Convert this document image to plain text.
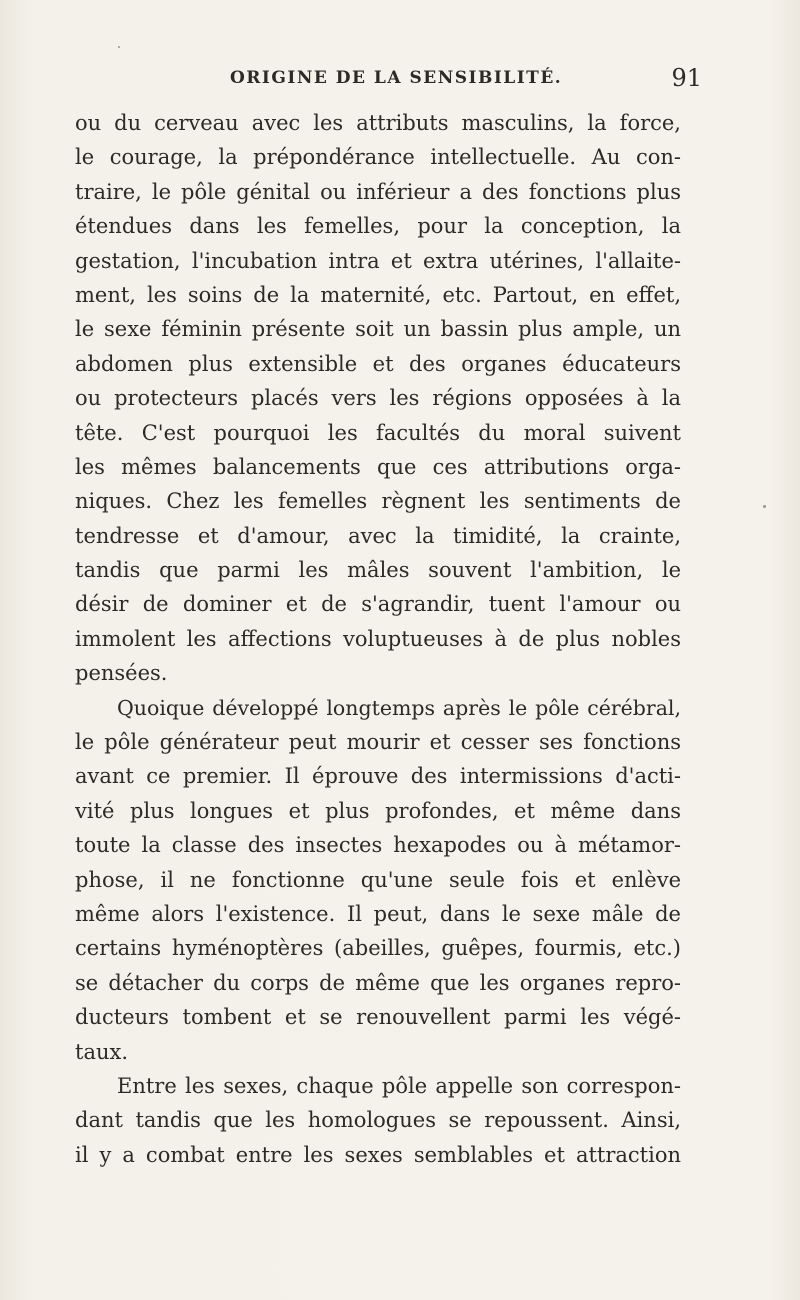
ORIGINE DE LA SENSIBILITÉ.	91
ou du cerveau avec les attributs masculins, la force,
le courage, la prépondérance intellectuelle. Au con-
traire, le pôle génital ou inférieur a des fonctions plus
étendues dans les femelles, pour la conception, la
gestation, l'incubation intra et extra utérines, l'allaite-
ment, les soins de la maternité, etc. Partout, en effet,
le sexe féminin présente soit un bassin plus ample, un
abdomen plus extensible et des organes éducateurs
ou protecteurs placés vers les régions opposées à la
tête. C'est pourquoi les facultés du moral suivent
les mêmes balancements que ces attributions orga-
niques. Chez les femelles règnent les sentiments de
tendresse et d'amour, avec la timidité, la crainte,
tandis que parmi les mâles souvent l'ambition, le
désir de dominer et de s'agrandir, tuent l'amour ou
immolent les affections voluptueuses à de plus nobles
pensées.
Quoique développé longtemps après le pôle cérébral,
le pôle générateur peut mourir et cesser ses fonctions
avant ce premier. Il éprouve des intermissions d'acti-
vité plus longues et plus profondes, et même dans
toute la classe des insectes hexapodes ou à métamor-
phose, il ne fonctionne qu'une seule fois et enlève
même alors l'existence. Il peut, dans le sexe mâle de
certains hyménoptères (abeilles, guêpes, fourmis, etc.)
se détacher du corps de même que les organes repro-
ducteurs tombent et se renouvellent parmi les végé-
taux.
Entre les sexes, chaque pôle appelle son correspon-
dant tandis que les homologues se repoussent. Ainsi,
il y a combat entre les sexes semblables et attraction
